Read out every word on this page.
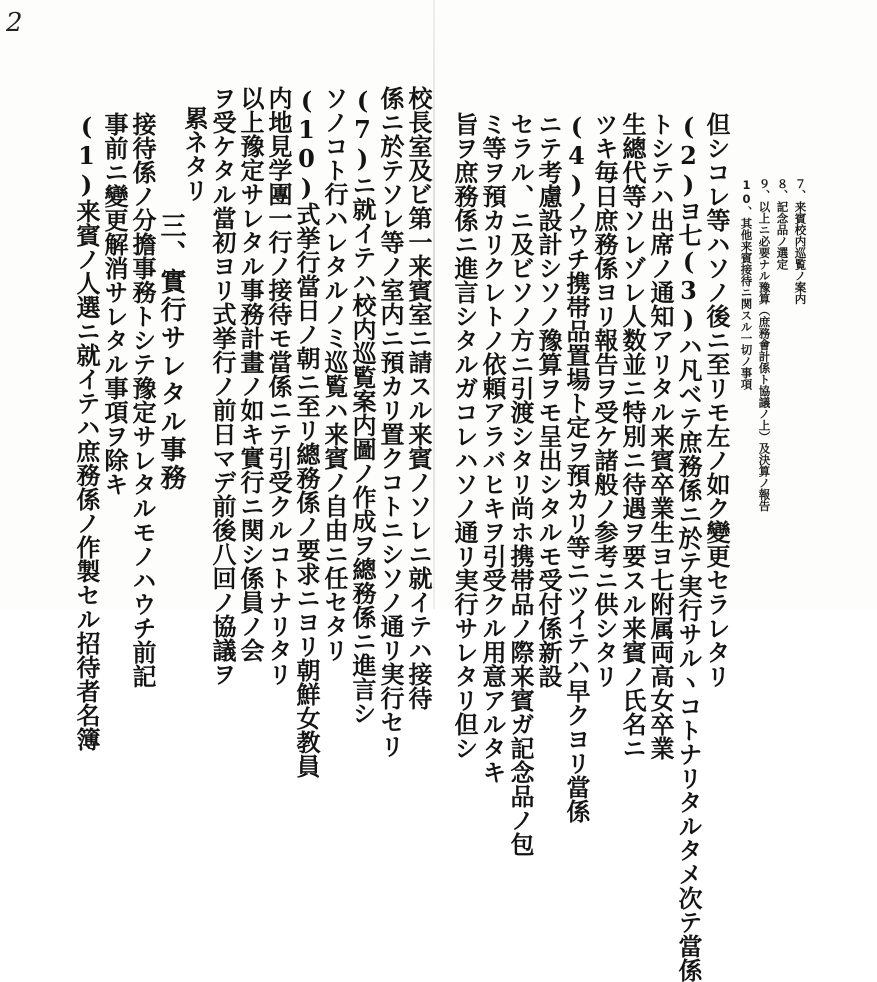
2
７、来賓校内巡覧ノ案内
８、記念品ノ選定
９、以上ニ必要ナル豫算（庶務會計係ト協議ノ上）及決算ノ報告
10、其他来賓接待ニ関スル一切ノ事項
但シコレ等ハソノ後ニ至リモ左ノ如ク變更セラレタリ
(2)ヨ七(3)ハ凡ベテ庶務係ニ於テ実行サルヽコトナリタルタメ次テ當係
トシテハ出席ノ通知アリタル来賓卒業生ヨ七附属両高女卒業
生總代等ソレゾレ人数並ニ特別ニ待遇ヲ要スル来賓ノ氏名ニ
ツキ毎日庶務係ヨリ報告ヲ受ケ諸般ノ参考ニ供シタリ
(4)ノウチ携帯品置場ト定ヲ預カリ等ニツイテハ早クヨリ當係
ニテ考慮設計シソノ豫算ヲモ呈出シタルモ受付係新設
セラル、ニ及ビソノ方ニ引渡シタリ尚ホ携帯品ノ際来賓ガ記念品ノ包
ミ等ヲ預カリクレトノ依頼アラバヒキヲ引受クル用意アルタキ
旨ヲ庶務係ニ進言シタルガコレハソノ通リ実行サレタリ但シ
校長室及ビ第一来賓室ニ請スル来賓ノソレニ就イテハ接待
係ニ於テソレ等ノ室内ニ預カリ置クコトニシソノ通リ実行セリ
(7)ニ就イテハ校内巡覧案内圖ノ作成ヲ總務係ニ進言シ
ソノコト行ハレタルノミ巡覧ハ来賓ノ自由ニ任セタリ
(10)式挙行當日ノ朝ニ至リ總務係ノ要求ニヨリ朝鮮女教員
内地見学團一行ノ接待モ當係ニテ引受クルコトナリタリ
以上豫定サレタル事務計畫ノ如キ實行ニ関シ係員ノ会
ヲ受ケタル當初ヨリ式挙行ノ前日マデ前後八回ノ協議ヲ
累ネタリ
三、實行サレタル事務
接待係ノ分擔事務トシテ豫定サレタルモノハウチ前記
事前ニ變更解消サレタル事項ヲ除キ
(1)来賓ノ人選ニ就イテハ庶務係ノ作製セル招待者名簿
